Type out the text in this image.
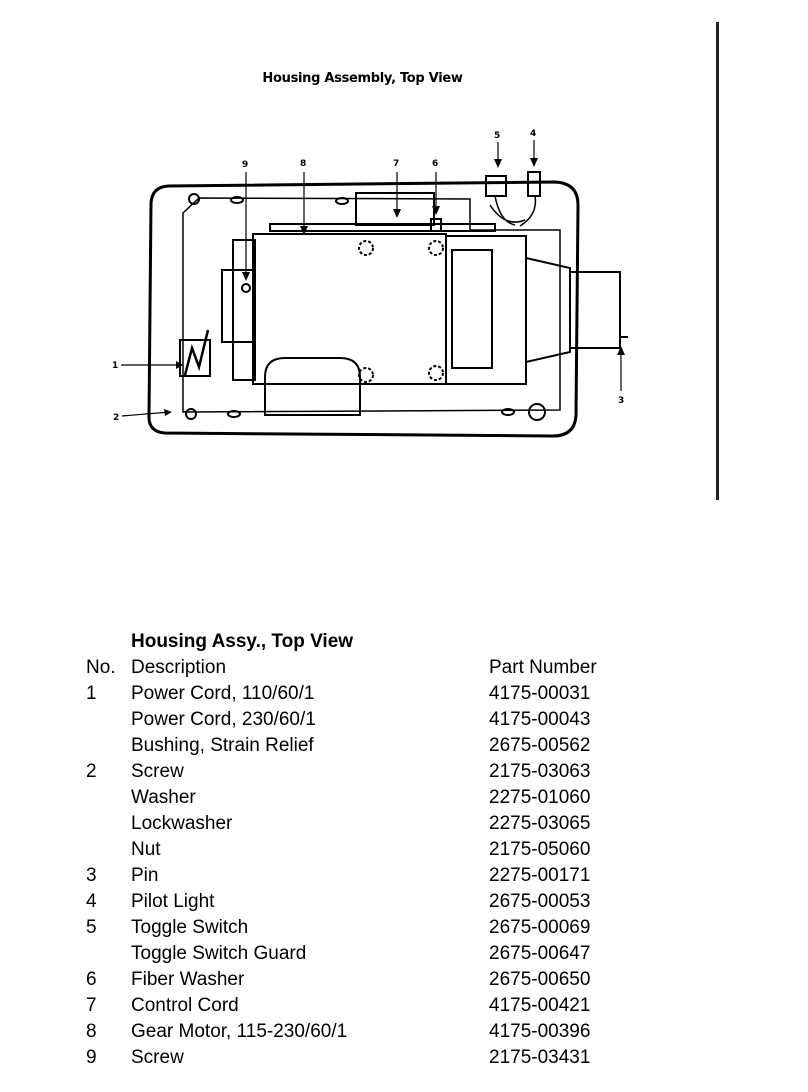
Housing Assembly, Top View
1
2
3
4
5
6
7
8
9
Housing Assy., Top View
No. Description	Part Number
1 Power Cord, 110/60/1	4175-00031
Power Cord, 230/60/1	4175-00043
Bushing, Strain Relief	2675-00562
2 Screw	2175-03063
Washer	2275-01060
Lockwasher	2275-03065
Nut	2175-05060
3 Pin	2275-00171
4 Pilot Light	2675-00053
5 Toggle Switch	2675-00069
Toggle Switch Guard	2675-00647
6 Fiber Washer	2675-00650
7 Control Cord	4175-00421
8 Gear Motor, 115-230/60/1	4175-00396
9 Screw	2175-03431
